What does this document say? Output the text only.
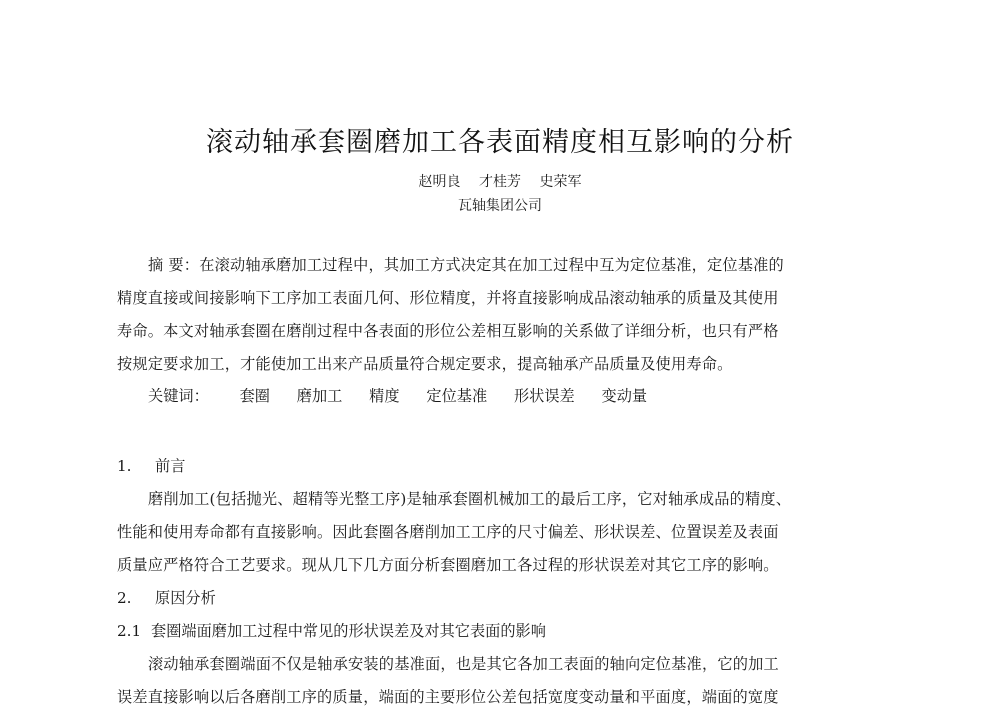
滚动轴承套圈磨加工各表面精度相互影响的分析
赵明良 才桂芳 史荣军
瓦轴集团公司
摘 要：在滚动轴承磨加工过程中，其加工方式决定其在加工过程中互为定位基准，定位基准的
精度直接或间接影响下工序加工表面几何、形位精度，并将直接影响成品滚动轴承的质量及其使用
寿命。本文对轴承套圈在磨削过程中各表面的形位公差相互影响的关系做了详细分析，也只有严格
按规定要求加工，才能使加工出来产品质量符合规定要求，提高轴承产品质量及使用寿命。
关键词： 套圈 磨加工 精度 定位基准 形状误差 变动量
1. 前言
磨削加工(包括抛光、超精等光整工序)是轴承套圈机械加工的最后工序，它对轴承成品的精度、
性能和使用寿命都有直接影响。因此套圈各磨削加工工序的尺寸偏差、形状误差、位置误差及表面
质量应严格符合工艺要求。现从几下几方面分析套圈磨加工各过程的形状误差对其它工序的影响。
2. 原因分析
2.1 套圈端面磨加工过程中常见的形状误差及对其它表面的影响
滚动轴承套圈端面不仅是轴承安装的基准面，也是其它各加工表面的轴向定位基准，它的加工
误差直接影响以后各磨削工序的质量，端面的主要形位公差包括宽度变动量和平面度，端面的宽度
